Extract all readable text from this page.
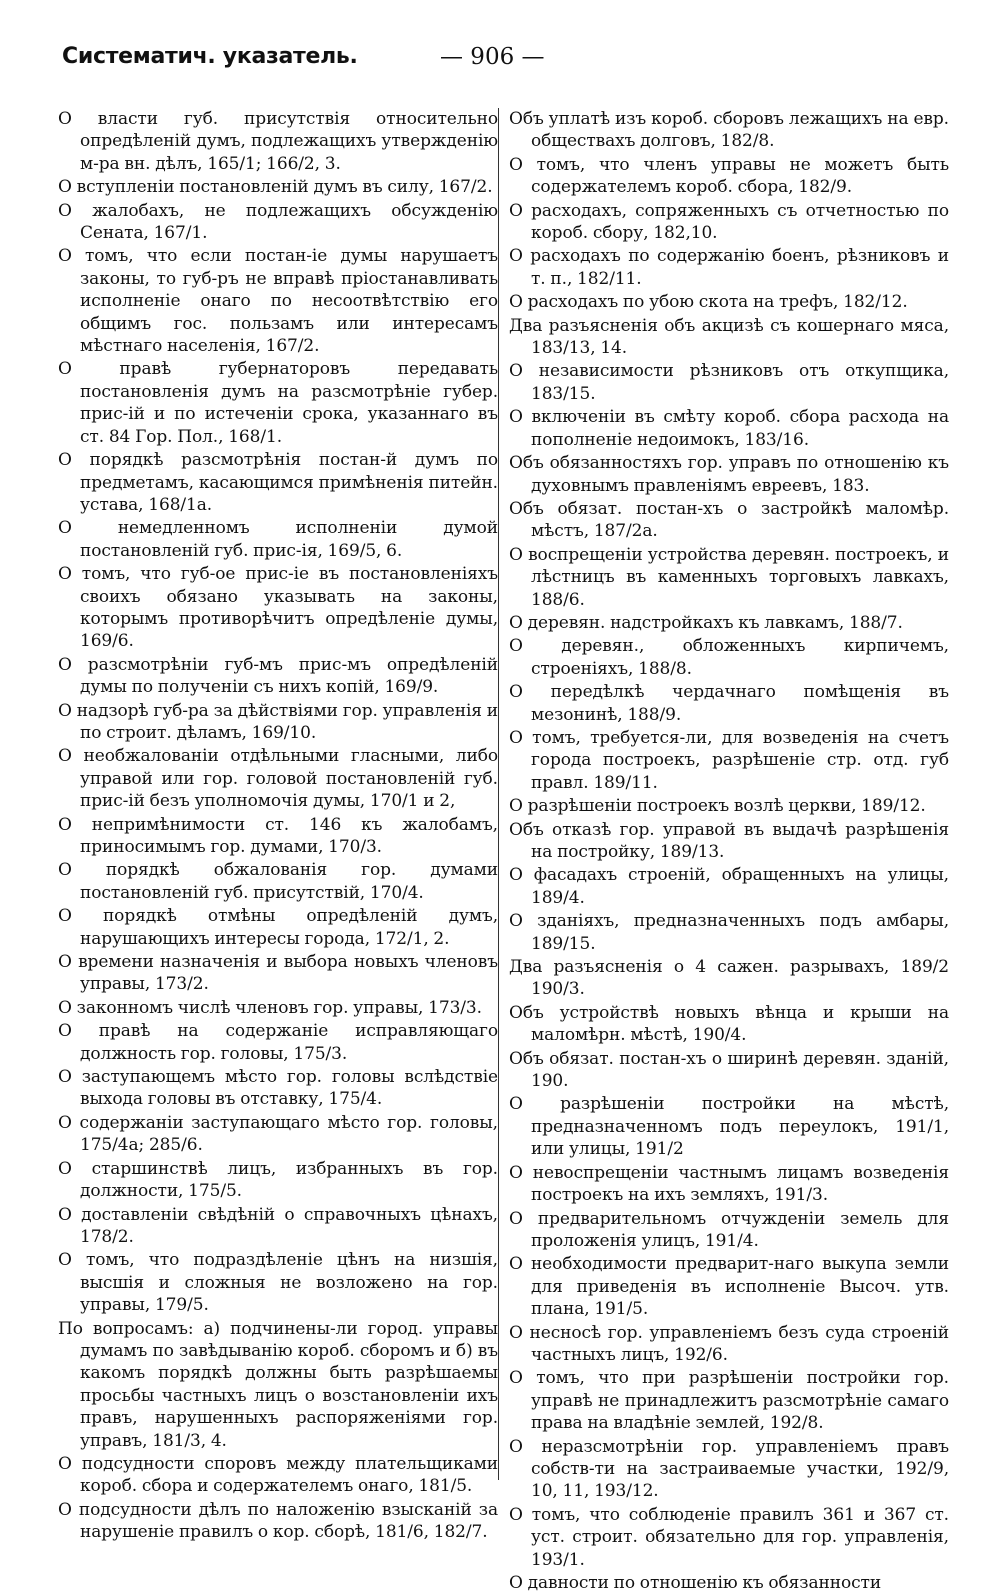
Систематич. указатель.	— 906 —

О власти губ. присутствія относительно опредѣленій думъ, подлежащихъ утвержденію м-ра вн. дѣлъ, 165/1; 166/2, 3.

О вступленіи постановленій думъ въ силу, 167/2.

О жалобахъ, не подлежащихъ обсужденію Сената, 167/1.

О томъ, что если постан-іе думы нарушаетъ законы, то губ-ръ не вправѣ пріостанавливать исполненіе онаго по несоотвѣтствію его общимъ гос. пользамъ или интересамъ мѣстнаго населенія, 167/2.

О правѣ губернаторовъ передавать постановленія думъ на разсмотрѣніе губер. прис-ій и по истеченіи срока, указаннаго въ ст. 84 Гор. Пол., 168/1.

О порядкѣ разсмотрѣнія постан-й думъ по предметамъ, касающимся примѣненія питейн. устава, 168/1а.

О немедленномъ исполненіи думой постановленій губ. прис-ія, 169/5, 6.

О томъ, что губ-ое прис-іе въ постановленіяхъ своихъ обязано указывать на законы, которымъ противорѣчитъ опредѣленіе думы, 169/6.

О разсмотрѣніи губ-мъ прис-мъ опредѣленій думы по полученіи съ нихъ копій, 169/9.

О надзорѣ губ-ра за дѣйствіями гор. управленія и по строит. дѣламъ, 169/10.

О необжалованіи отдѣльными гласными, либо управой или гор. головой постановленій губ. прис-ій безъ уполномочія думы, 170/1 и 2,

О непримѣнимости ст. 146 къ жалобамъ, приносимымъ гор. думами, 170/3.

О порядкѣ обжалованія гор. думами постановленій губ. присутствій, 170/4.

О порядкѣ отмѣны опредѣленій думъ, нарушающихъ интересы города, 172/1, 2.

О времени назначенія и выбора новыхъ членовъ управы, 173/2.

О законномъ числѣ членовъ гор. управы, 173/3.

О правѣ на содержаніе исправляющаго должность гор. головы, 175/3.

О заступающемъ мѣсто гор. головы вслѣдствіе выхода головы въ отставку, 175/4.

О содержаніи заступающаго мѣсто гор. головы, 175/4а; 285/6.

О старшинствѣ лицъ, избранныхъ въ гор. должности, 175/5.

О доставленіи свѣдѣній о справочныхъ цѣнахъ, 178/2.

О томъ, что подраздѣленіе цѣнъ на низшія, высшія и сложныя не возложено на гор. управы, 179/5.

По вопросамъ: а) подчинены-ли город. управы думамъ по завѣдыванію короб. сборомъ и б) въ какомъ порядкѣ должны быть разрѣшаемы просьбы частныхъ лицъ о возстановленіи ихъ правъ, нарушенныхъ распоряженіями гор. управъ, 181/3, 4.

О подсудности споровъ между плательщиками короб. сбора и содержателемъ онаго, 181/5.

О подсудности дѣлъ по наложенію взысканій за нарушеніе правилъ о кор. сборѣ, 181/6, 182/7.

Объ уплатѣ изъ короб. сборовъ лежащихъ на евр. обществахъ долговъ, 182/8.

О томъ, что членъ управы не можетъ быть содержателемъ короб. сбора, 182/9.

О расходахъ, сопряженныхъ съ отчетностью по короб. сбору, 182,10.

О расходахъ по содержанію боенъ, рѣзниковъ и т. п., 182/11.

О расходахъ по убою скота на трефъ, 182/12.

Два разъясненія объ акцизѣ съ кошернаго мяса, 183/13, 14.

О независимости рѣзниковъ отъ откупщика, 183/15.

О включеніи въ смѣту короб. сбора расхода на пополненіе недоимокъ, 183/16.

Объ обязанностяхъ гор. управъ по отношенію къ духовнымъ правленіямъ евреевъ, 183.

Объ обязат. постан-хъ о застройкѣ маломѣр. мѣстъ, 187/2а.

О воспрещеніи устройства деревян. построекъ, и лѣстницъ въ каменныхъ торговыхъ лавкахъ, 188/6.

О деревян. надстройкахъ къ лавкамъ, 188/7.

О деревян., обложенныхъ кирпичемъ, строеніяхъ, 188/8.

О передѣлкѣ чердачнаго помѣщенія въ мезонинѣ, 188/9.

О томъ, требуется-ли, для возведенія на счетъ города построекъ, разрѣшеніе стр. отд. губ правл. 189/11.

О разрѣшеніи построекъ возлѣ церкви, 189/12.

Объ отказѣ гор. управой въ выдачѣ разрѣшенія на постройку, 189/13.

О фасадахъ строеній, обращенныхъ на улицы, 189/4.

О зданіяхъ, предназначенныхъ подъ амбары, 189/15.

Два разъясненія о 4 сажен. разрывахъ, 189/2 190/3.

Объ устройствѣ новыхъ вѣнца и крыши на маломѣрн. мѣстѣ, 190/4.

Объ обязат. постан-хъ о ширинѣ деревян. зданій, 190.

О разрѣшеніи постройки на мѣстѣ, предназначенномъ подъ переулокъ, 191/1, или улицы, 191/2

О невоспрещеніи частнымъ лицамъ возведенія построекъ на ихъ земляхъ, 191/3.

О предварительномъ отчужденіи земель для проложенія улицъ, 191/4.

О необходимости предварит-наго выкупа земли для приведенія въ исполненіе Высоч. утв. плана, 191/5.

О несносѣ гор. управленіемъ безъ суда строеній частныхъ лицъ, 192/6.

О томъ, что при разрѣшеніи постройки гор. управѣ не принадлежитъ разсмотрѣніе самаго права на владѣніе землей, 192/8.

О неразсмотрѣніи гор. управленіемъ правъ собств-ти на застраиваемые участки, 192/9, 10, 11, 193/12.

О томъ, что соблюденіе правилъ 361 и 367 ст. уст. строит. обязательно для гор. управленія, 193/1.

О давности по отношенію къ обязанности
